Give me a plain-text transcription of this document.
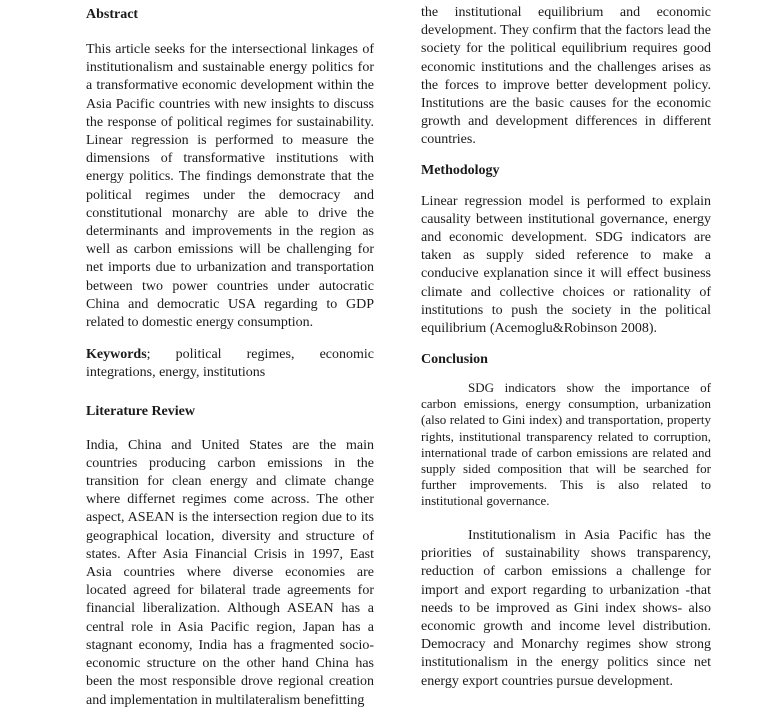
Abstract

This article seeks for the intersectional linkages of institutionalism and sustainable energy politics for a transformative economic development within the Asia Pacific countries with new insights to discuss the response of political regimes for sustainability. Linear regression is performed to measure the dimensions of transformative institutions with energy politics. The findings demonstrate that the political regimes under the democracy and constitutional monarchy are able to drive the determinants and improvements in the region as well as carbon emissions will be challenging for net imports due to urbanization and transportation between two power countries under autocratic China and democratic USA regarding to GDP related to domestic energy consumption.

Keywords; political regimes, economic integrations, energy, institutions

Literature Review

India, China and United States are the main countries producing carbon emissions in the transition for clean energy and climate change where differnet regimes come across. The other aspect, ASEAN is the intersection region due to its geographical location, diversity and structure of states. After Asia Financial Crisis in 1997, East Asia countries where diverse economies are located agreed for bilateral trade agreements for financial liberalization. Although ASEAN has a central role in Asia Pacific region, Japan has a stagnant economy, India has a fragmented socio-economic structure on the other hand China has been the most responsible drove regional creation and implementation in multilateralism benefitting

the institutional equilibrium and economic development. They confirm that the factors lead the society for the political equilibrium requires good economic institutions and the challenges arises as the forces to improve better development policy. Institutions are the basic causes for the economic growth and development differences in different countries.

Methodology

Linear regression model is performed to explain causality between institutional governance, energy and economic development. SDG indicators are taken as supply sided reference to make a conducive explanation since it will effect business climate and collective choices or rationality of institutions to push the society in the political equilibrium (Acemoglu&Robinson 2008).

Conclusion

SDG indicators show the importance of carbon emissions, energy consumption, urbanization (also related to Gini index) and transportation, property rights, institutional transparency related to corruption, international trade of carbon emissions are related and supply sided composition that will be searched for further improvements. This is also related to institutional governance.

Institutionalism in Asia Pacific has the priorities of sustainability shows transparency, reduction of carbon emissions a challenge for import and export regarding to urbanization -that needs to be improved as Gini index shows- also economic growth and income level distribution. Democracy and Monarchy regimes show strong institutionalism in the energy politics since net energy export countries pursue development.
